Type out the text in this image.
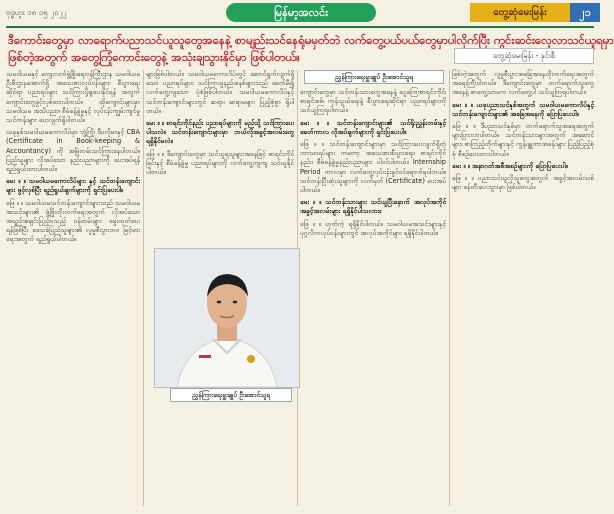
ဗုဒ္ဓဟူး ၁၈ ၁၅ ၂၀၂၂	မြန်မာ့အလင်း	တွေ့ဆုံမေးမြန်း	၂၁
ဒီကောင်းတွေမှာ လာရောက်ပညာသင်ယူသူတွေအနေနဲ့ စာမျည်းသင်နေရုံမမှတ်ဘဲ လက်တွေ့ပယ်ပယ်တွေမှာပါလိုက်ပြီး ကွင်းဆင်းလေ့လာသင်ယူရမှာ
ဖြစ်တဲ့အတွက် အတွေ့ကြုံကောင်းတွေနဲ့ အသုံးချသွားနိုင်မှာ ဖြစ်ပါတယ်။	တွေ့ဆုံမေးမြန်း - နှင်းစီ

သမဝါယမနှင့် ကျေးလက်ဖွံ့ဖြိုးရေးဝန်ကြီးဌာန သမဝါယမဦးစီးဌာနအောက်ရှိ အသေးစားလုပ်ငန်းများ၊ စီးပွားရေးဆိုင်ရာ ပညာရပ်များ သင်ကြားပို့ချပေးနိုင်ရန် အတွက် ကျောင်းတွေဖွင့်လှစ်ထားပါတယ်။ ထိုကျောင်းများမှာ သမဝါယမ အသိပညာ၊ စီမံခန့်ခွဲမှုနှင့် လုပ်ငန်းကျွမ်းကျင်မှု သင်တန်းများ ပေးလျက်ရှိပါတယ်။

ယခုနှစ်သမဝါယမကောလိပ်မှာ ဘွဲ့ကြို၊ ဒီပလိုမာနှင့် CBA (Certificate in Book-keeping & Accountancy) ကို အမြဲတမ်းသင်ကြားနေပါတယ်။ ပြည်သူများ လိုအပ်သော နည်းပညာများကို ပေးအပ်ရန် ရည်ရွယ်ထားပါတယ်။

မေး ။ ။ သမဝါယမကောလိပ်များ နှင့် သင်တန်းကျောင်းများ ဖွင့်လှစ်ပြီး ရည်ရွယ်ချက်များကို ရှင်းပြပေးပါ။

ဖြေ ။ ။ သမဝါယမသင်တန်းကျောင်းများသည် သမဝါယမအသင်းများ၏ ဖွံ့ဖြိုးတိုးတက်ရေးအတွက် လိုအပ်သော အရည်အချင်းပြည့်ဝသည့် ဝန်ထမ်းများ မွေးထုတ်ပေးရန်ဖြစ်ပြီး ဒေသခံပြည်သူများ၏ လူမှုစီးပွားဘဝ မြင့်မားရေးအတွက် ရည်ရွယ်ပါတယ်။

များဖြစ်ပါတယ်။ သမဝါယမကောလိပ်တွင် ဆောင်ရွက်လျက်ရှိသော ပညာရပ်များ၊ သင်ကြားမှုနည်းစနစ်များသည် ခေတ်မီ၍ လက်တွေ့ကျသော ပုံစံဖြစ်ပါတယ်။ သမဝါယမကောလိပ်နှင့် သင်တန်းကျောင်းများတွင် ဆရာ၊ ဆရာမများ ပြည့်စုံစွာ ရှိပါတယ်။

မေး ။ ။ စာရင်းကိုင်နည်း ပညာရပ်များကို မည်သို့ သင်ကြားပေးပါသလဲ။ သင်တန်းကျောင်းများမှာ ဘယ်လိုအခွင့်အလမ်းတွေ ရရှိနိုင်မလဲ။

ဖြေ ။ ။ ဒီကျောင်းတွေမှာ သင်ယူရသူများအနေဖြင့် စာရင်းကိုင်ခြင်းနှင့် စီမံခန့်ခွဲမှု ပညာရပ်များကို လက်တွေ့ကျကျ သင်ယူနိုင်ပါတယ်။

ကျောင်းတွေမှာ သင်တန်းသားတွေအနေနဲ့ ငွေကြေးစာရင်းကိုင်၊ စာရင်းစစ်၊ ကုန်သွယ်ရေးနဲ့ စီးပွားရေးဆိုင်ရာ ပညာရပ်များကို သင်ယူကြရပါတယ်။

မေး ။ ။ သင်တန်းကျောင်းများ၏ သင်ရိုးညွှန်းတမ်းနှင့် ခေတ်ကာလ လိုအပ်ချက်များကို ရှင်းပြပေးပါ။

ဖြေ ။ ။ သင်တန်းကျောင်းများမှာ သင်ကြားပေးလျက်ရှိတဲ့ ဘာသာရပ်များ ကတော့ အသေးစားစီးပွားရေး၊ စာရင်းကိုင်နည်း၊ စီမံခန့်ခွဲမှုနည်းပညာများ ပါဝင်ပါတယ်။ Internship Period ကာလမှာ လက်တွေ့လုပ်ငန်းခွင်ဝင်ရောက်ရပါတယ်။ သင်တန်းပြီးဆုံးသူများကို လက်မှတ် (Certificate) ပေးအပ်ပါတယ်။

မေး ။ ။ သင်တန်းသားများ သင်ယူပြီးနောက် အလုပ်အကိုင်အခွင့်အလမ်းများ ရရှိနိုင်ပါသလား။

ဖြေ ။ ။ ဟုတ်ကဲ့ ရရှိနိုင်ပါတယ်။ သမဝါယမအသင်းများနှင့် ပုဂ္ဂလိကလုပ်ငန်းများတွင် အလုပ်အကိုင်များ ရရှိနိုင်ပါတယ်။

ဖြစ်တဲ့အတွက် လူမှုစီးပွားအခြေအနေတိုးတက်ရေးအတွက် အရေးကြီးပါတယ်။ ဒီကျောင်းတွေမှာ တက်ရောက်သူတွေအနေနဲ့ စာတွေ့သာမက လက်တွေ့ပါ သင်ယူကြရပါတယ်။

မေး ။ ။ ယခုပညာသင်နှစ်အတွက် သမဝါယမကောလိပ်နှင့် သင်တန်းကျောင်းများ၏ အခြေအနေကို ပြောပြပေးပါ။

ဖြေ ။ ။ ဒီပညာသင်နှစ်မှာ တက်ရောက်သူအရေအတွက် များပြားလာပါတယ်။ သင်တန်းသားများအတွက် အဆောင်များ၊ စာကြည့်တိုက်များနှင့် ကွန်ပျူတာအခန်းများ ပြည့်ပြည့်စုံစုံ စီစဉ်ပေးထားပါတယ်။

မေး ။ ။ အနာဂတ်အစီအစဉ်များကို ပြောပြပေးပါ။

ဖြေ ။ ။ ပညာသင်ယူလိုသူတွေအတွက် အခွင့်အလမ်းသစ်များ ဖန်တီးပေးသွားမှာ ဖြစ်ပါတယ်။

ညွှန်ကြားရေးမှူးချုပ် ဦးအောင်သူရ
ညွှန်ကြားရေးမှူးချုပ် ဦးအောင်သူရ
